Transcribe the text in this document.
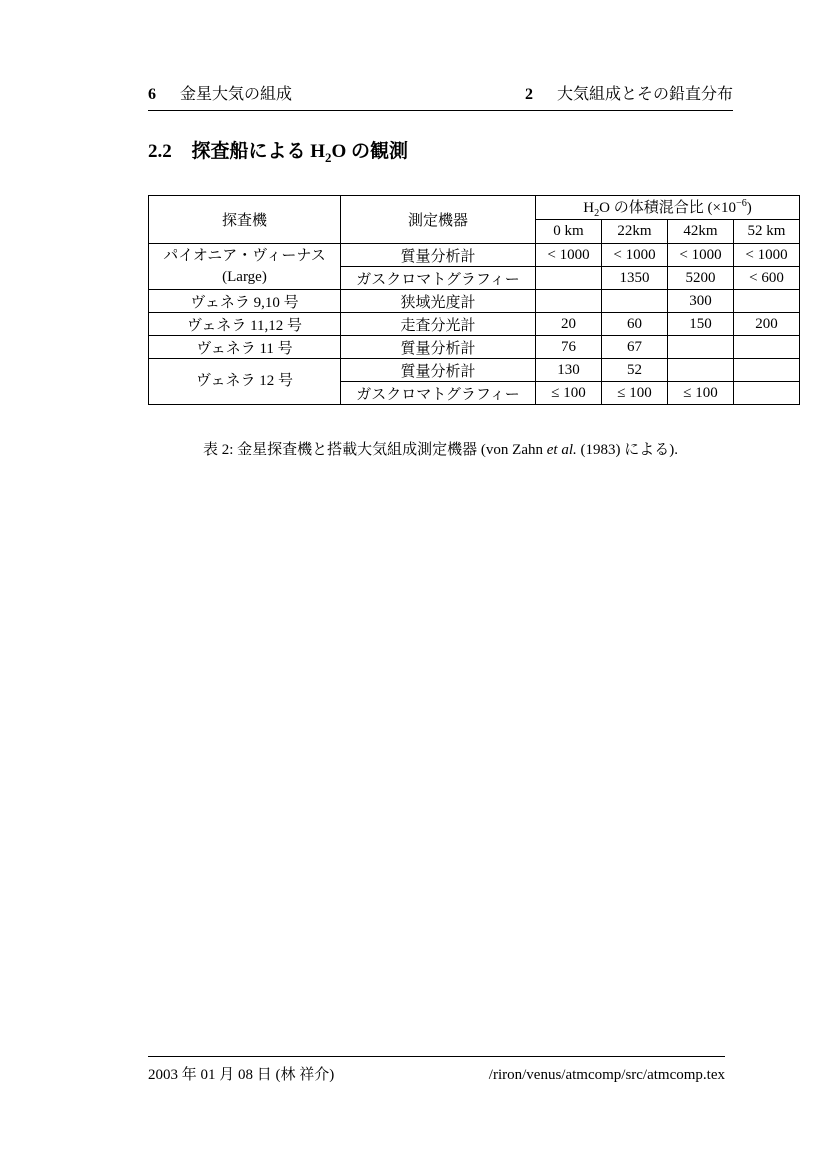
6 金星大気の組成	2 大気組成とその鉛直分布
2.2 探査船による $H_2O$ の観測
探査機	測定機器	$H_2O$ の体積混合比 $(\times 10^{-6})$			
		0 km	22km	42km	52 km

パイオニア・ヴィーナス
(Large)	質量分析計	< 1000	< 1000	< 1000	< 1000
	ガスクロマトグラフィー		1350	5200	< 600
ヴェネラ 9,10 号	狭域光度計			300	
ヴェネラ 11,12 号	走査分光計	20	60	150	200
ヴェネラ 11 号	質量分析計	76	67		
ヴェネラ 12 号	質量分析計	130	52		
	ガスクロマトグラフィー	≤ 100	≤ 100	≤ 100	
表 2: 金星探査機と搭載大気組成測定機器 (von Zahn et al. (1983) による).
2003 年 01 月 08 日 (林 祥介)	/riron/venus/atmcomp/src/atmcomp.tex
